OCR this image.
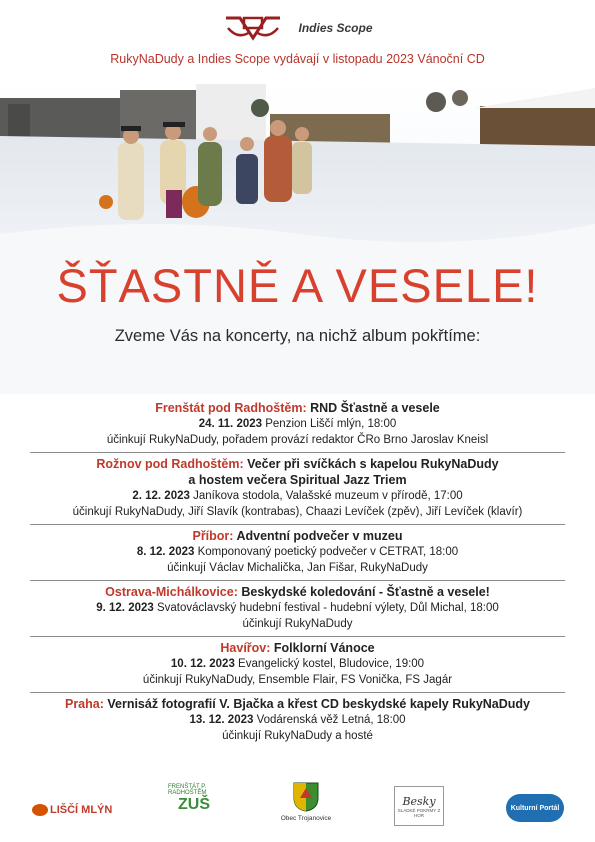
Indies Scope
RukyNaDudy a Indies Scope vydávají v listopadu 2023 Vánoční CD
ŠŤASTNĚ A VESELE!
Zveme Vás na koncerty, na nichž album pokřtíme:
Frenštát pod Radhoštěm: RND Šťastně a vesele
24. 11. 2023 Penzion Liščí mlýn, 18:00
účinkují RukyNaDudy, pořadem provází redaktor ČRo Brno Jaroslav Kneisl
Rožnov pod Radhoštěm: Večer při svíčkách s kapelou RukyNaDudy
a hostem večera Spiritual Jazz Triem
2. 12. 2023 Janíkova stodola, Valašské muzeum v přírodě, 17:00
účinkují RukyNaDudy, Jiří Slavík (kontrabas), Chaazi Levíček (zpěv), Jiří Levíček (klavír)
Příbor: Adventní podvečer v muzeu
8. 12. 2023 Komponovaný poetický podvečer v CETRAT, 18:00
účinkují Václav Michalička, Jan Fišar, RukyNaDudy
Ostrava-Michálkovice: Beskydské koledování - Šťastně a vesele!
9. 12. 2023 Svatováclavský hudební festival - hudební výlety, Důl Michal, 18:00
účinkují RukyNaDudy
Havířov: Folklorní Vánoce
10. 12. 2023 Evangelický kostel, Bludovice, 19:00
účinkují RukyNaDudy, Ensemble Flair, FS Vonička, FS Jagár
Praha: Vernisáž fotografií V. Bjačka a křest CD beskydské kapely RukyNaDudy
13. 12. 2023 Vodárenská věž Letná, 18:00
účinkují RukyNaDudy a hosté
LIŠČÍ MLÝN
FRENŠTÁT P. RADHOŠTĚM
ZUŠ
Obec Trojanovice
Besky
SLADKÉ POKRMY Z HOR
Kulturní Portál
